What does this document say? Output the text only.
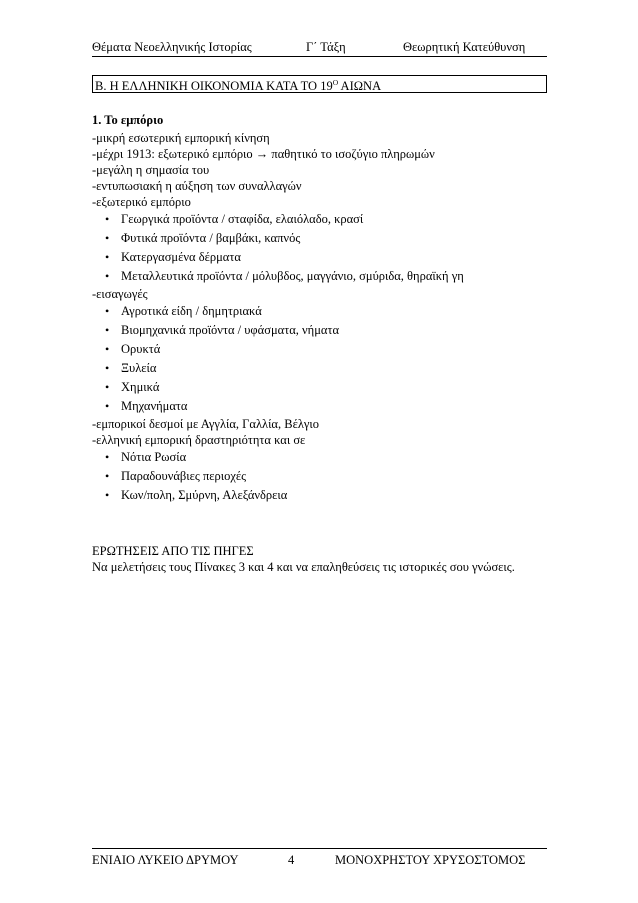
Θέματα Νεοελληνικής Ιστορίας	Γ΄ Τάξη	Θεωρητική Κατεύθυνση
Β. Η ΕΛΛΗΝΙΚΗ ΟΙΚΟΝΟΜΙΑ ΚΑΤΑ ΤΟ $19^O$ ΑΙΩΝΑ
1. Το εμπόριο
-μικρή εσωτερική εμπορική κίνηση
-μέχρι 1913: εξωτερικό εμπόριο → παθητικό το ισοζύγιο πληρωμών
-μεγάλη η σημασία του
-εντυπωσιακή η αύξηση των συναλλαγών
-εξωτερικό εμπόριο
• Γεωργικά προϊόντα / σταφίδα, ελαιόλαδο, κρασί
• Φυτικά προϊόντα / βαμβάκι, καπνός
• Κατεργασμένα δέρματα
• Μεταλλευτικά προϊόντα / μόλυβδος, μαγγάνιο, σμύριδα, θηραϊκή γη
-εισαγωγές
• Αγροτικά είδη / δημητριακά
• Βιομηχανικά προϊόντα / υφάσματα, νήματα
• Ορυκτά
• Ξυλεία
• Χημικά
• Μηχανήματα
-εμπορικοί δεσμοί με Αγγλία, Γαλλία, Βέλγιο
-ελληνική εμπορική δραστηριότητα και σε
• Νότια Ρωσία
• Παραδουνάβιες περιοχές
• Κων/πολη, Σμύρνη, Αλεξάνδρεια
ΕΡΩΤΗΣΕΙΣ ΑΠΟ ΤΙΣ ΠΗΓΕΣ
Να μελετήσεις τους Πίνακες 3 και 4 και να επαληθεύσεις τις ιστορικές σου γνώσεις.
ΕΝΙΑΙΟ ΛΥΚΕΙΟ ΔΡΥΜΟΥ	4	ΜΟΝΟΧΡΗΣΤΟΥ ΧΡΥΣΟΣΤΟΜΟΣ
